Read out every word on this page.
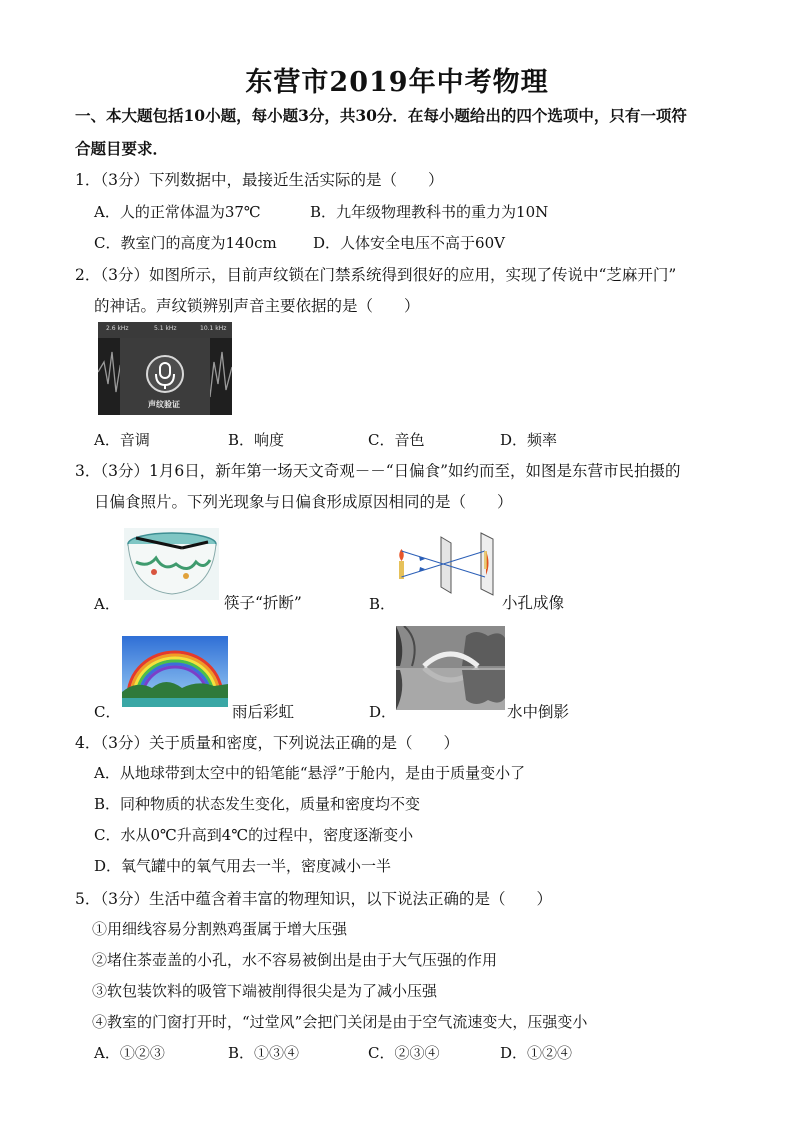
东营市2019年中考物理
一、本大题包括10小题，每小题3分，共30分．在每小题给出的四个选项中，只有一项符
合题目要求．
1．（3分）下列数据中，最接近生活实际的是（　　）
A．人的正常体温为37℃	B．九年级物理教科书的重力为10N
C．教室门的高度为140cm D．人体安全电压不高于60V
2．（3分）如图所示，目前声纹锁在门禁系统得到很好的应用，实现了传说中“芝麻开门”
的神话。声纹锁辨别声音主要依据的是（　　）
2.6 kHz	5.1 kHz	10.1 kHz
声纹验证
A．音调	B．响度	C．音色	D．频率
3．（3分）1月6日，新年第一场天文奇观－－“日偏食”如约而至，如图是东营市民拍摄的
日偏食照片。下列光现象与日偏食形成原因相同的是（　　）
A．	筷子“折断”	B．	小孔成像
C．	雨后彩虹	D．	水中倒影
4．（3分）关于质量和密度，下列说法正确的是（　　）
A．从地球带到太空中的铅笔能“悬浮”于舱内，是由于质量变小了
B．同种物质的状态发生变化，质量和密度均不变
C．水从0℃升高到4℃的过程中，密度逐渐变小
D．氧气罐中的氧气用去一半，密度减小一半
5．（3分）生活中蕴含着丰富的物理知识，以下说法正确的是（　　）
①用细线容易分割熟鸡蛋属于增大压强
②堵住茶壶盖的小孔，水不容易被倒出是由于大气压强的作用
③软包装饮料的吸管下端被削得很尖是为了减小压强
④教室的门窗打开时，“过堂风”会把门关闭是由于空气流速变大，压强变小
A．①②③	B．①③④	C．②③④	D．①②④
